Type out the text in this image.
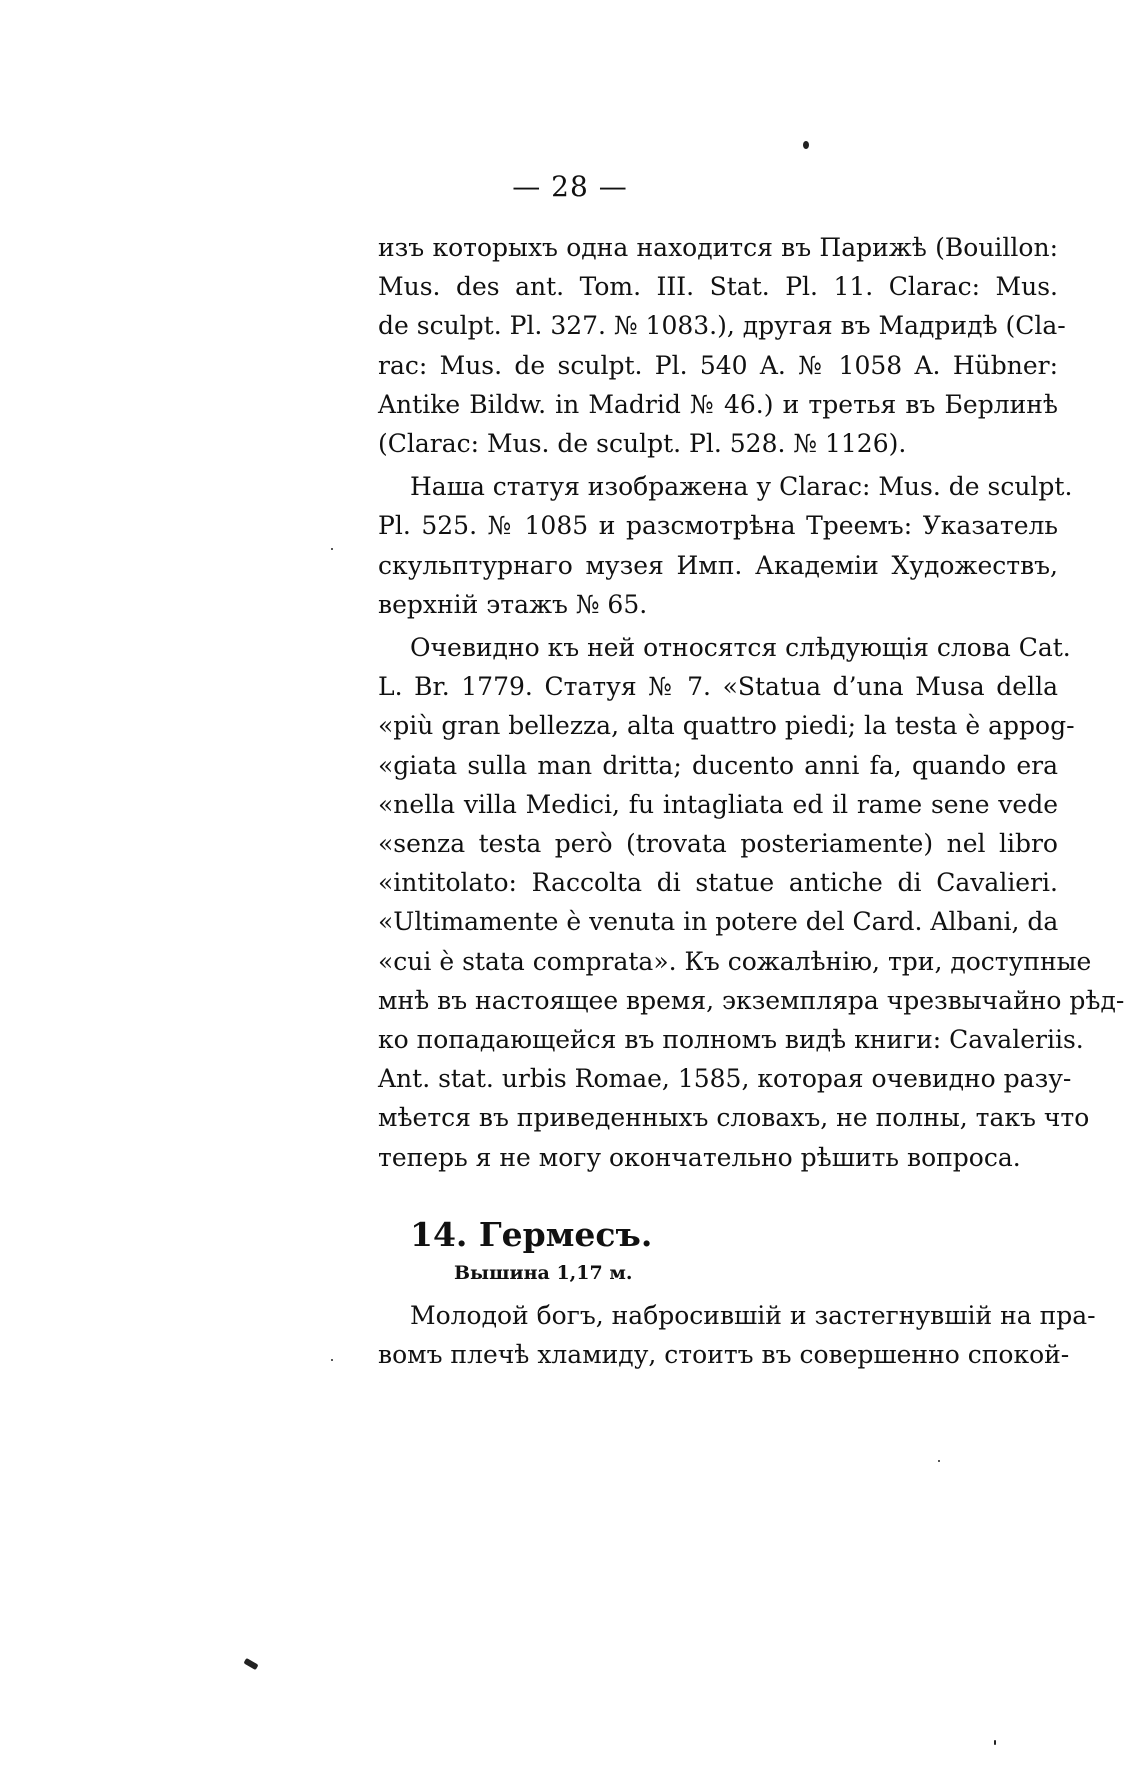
— 28 —
изъ которыхъ одна находится въ Парижѣ (Bouillon:
Mus. des ant. Tom. III. Stat. Pl. 11. Clarac: Mus.
de sculpt. Pl. 327. № 1083.), другая въ Мадридѣ (Cla-
rac: Mus. de sculpt. Pl. 540 A. № 1058 A. Hübner:
Antike Bildw. in Madrid № 46.) и третья въ Берлинѣ
(Clarac: Mus. de sculpt. Pl. 528. № 1126).
Наша статуя изображена у Clarac: Mus. de sculpt.
Pl. 525. № 1085 и разсмотрѣна Треемъ: Указатель
скульптурнаго музея Имп. Академіи Художествъ,
верхній этажъ № 65.
Очевидно къ ней относятся слѣдующія слова Cat.
L. Br. 1779. Статуя № 7. «Statua d’una Musa della
«più gran bellezza, alta quattro piedi; la testa è appog-
«giata sulla man dritta; ducento anni fa, quando era
«nella villa Medici, fu intagliata ed il rame sene vede
«senza testa però (trovata posteriamente) nel libro
«intitolato: Raccolta di statue antiche di Cavalieri.
«Ultimamente è venuta in potere del Card. Albani, da
«cui è stata comprata». Къ сожалѣнію, три, доступные
мнѣ въ настоящее время, экземпляра чрезвычайно рѣд-
ко попадающейся въ полномъ видѣ книги: Cavaleriis.
Ant. stat. urbis Romae, 1585, которая очевидно разу-
мѣется въ приведенныхъ словахъ, не полны, такъ что
теперь я не могу окончательно рѣшить вопроса.
14. Гермесъ.
Вышина 1,17 м.
Молодой богъ, набросившій и застегнувшій на пра-
вомъ плечѣ хламиду, стоитъ въ совершенно спокой-
